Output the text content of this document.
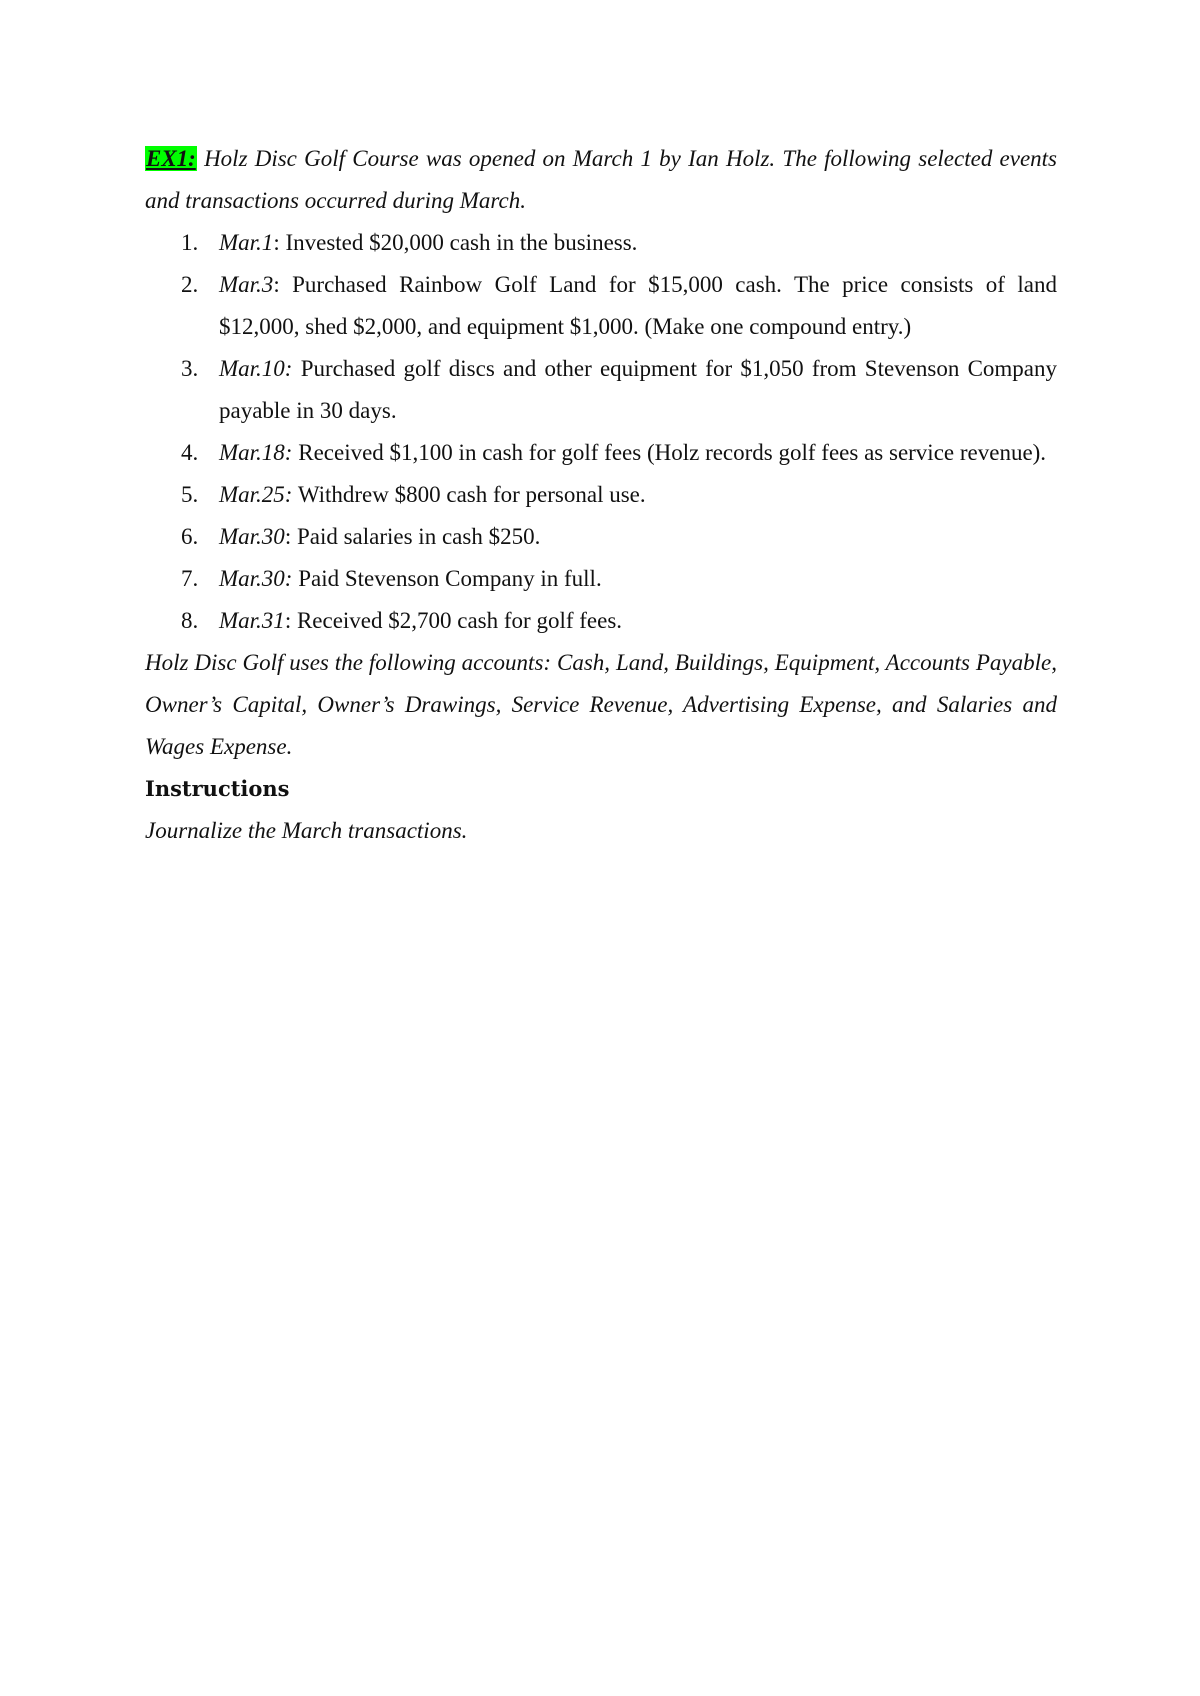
EX1: Holz Disc Golf Course was opened on March 1 by Ian Holz. The following selected events and transactions occurred during March.

1. Mar.1: Invested $20,000 cash in the business.
2. Mar.3: Purchased Rainbow Golf Land for $15,000 cash. The price consists of land $12,000, shed $2,000, and equipment $1,000. (Make one compound entry.)
3. Mar.10: Purchased golf discs and other equipment for $1,050 from Stevenson Company payable in 30 days.
4. Mar.18: Received $1,100 in cash for golf fees (Holz records golf fees as service revenue).
5. Mar.25: Withdrew $800 cash for personal use.
6. Mar.30: Paid salaries in cash $250.
7. Mar.30: Paid Stevenson Company in full.
8. Mar.31: Received $2,700 cash for golf fees.

Holz Disc Golf uses the following accounts: Cash, Land, Buildings, Equipment, Accounts Payable, Owner’s Capital, Owner’s Drawings, Service Revenue, Advertising Expense, and Salaries and Wages Expense.

Instructions

Journalize the March transactions.
